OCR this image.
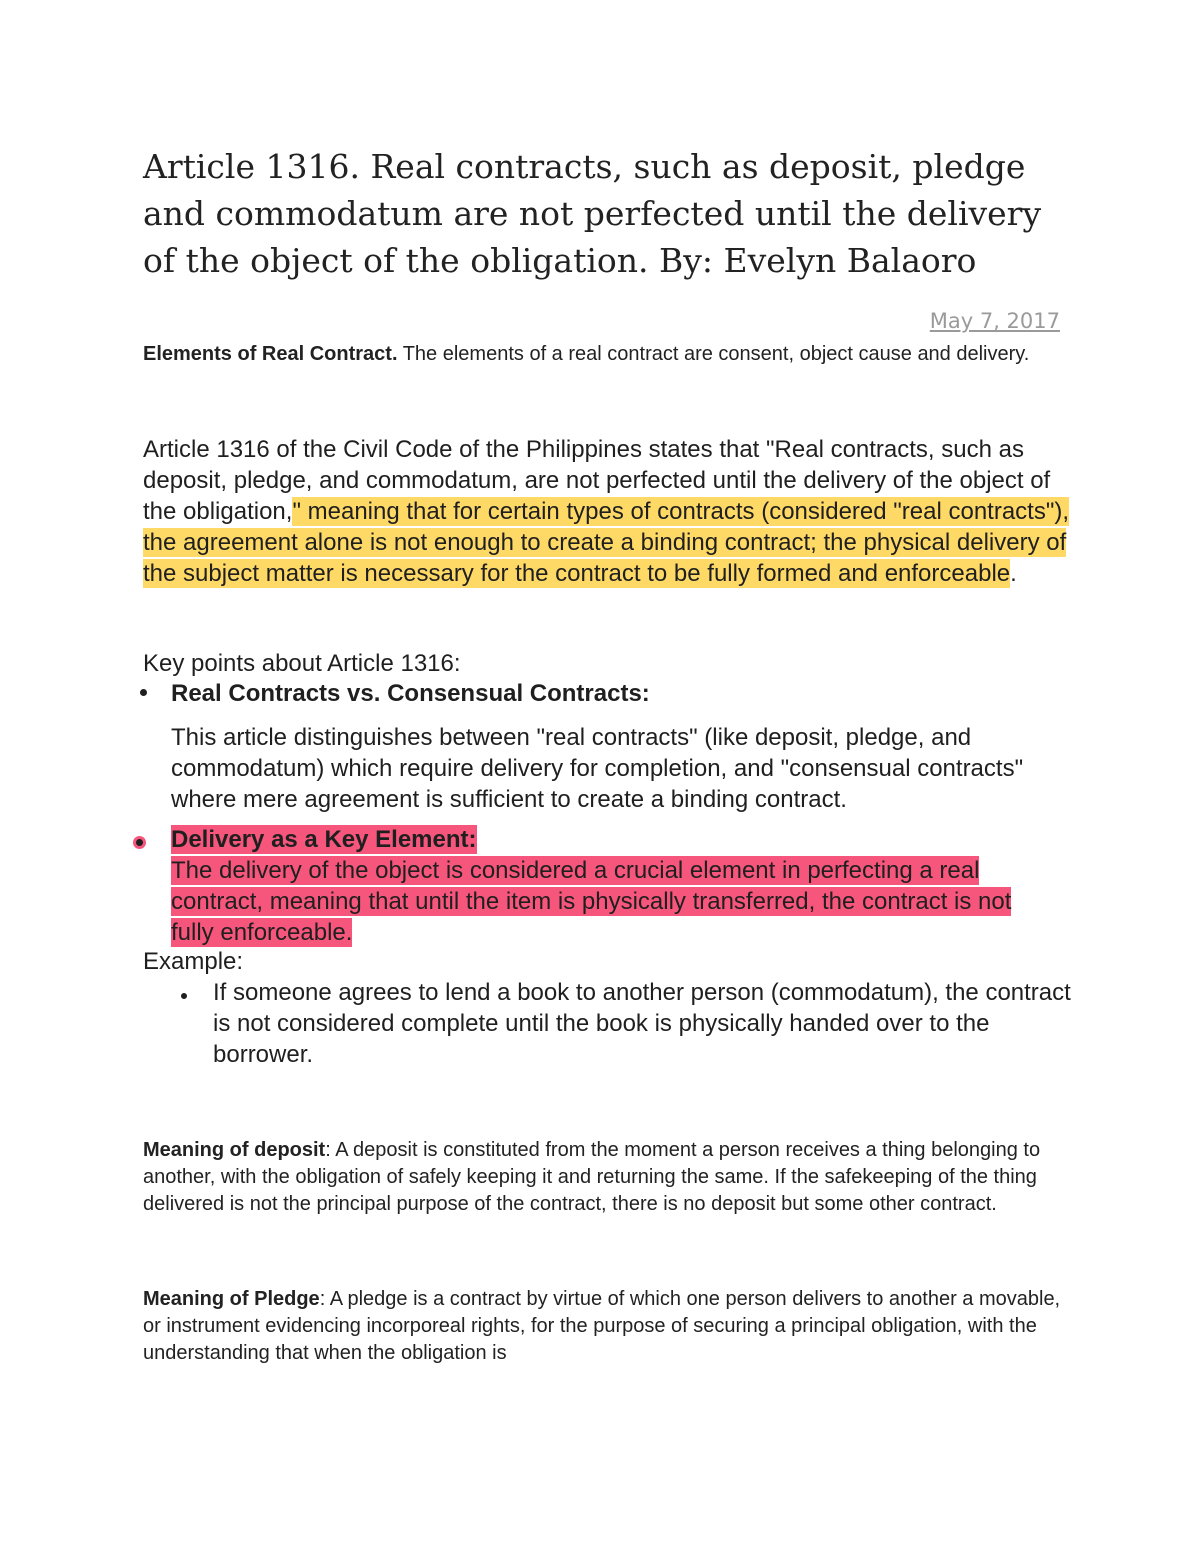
Article 1316. Real contracts, such as deposit, pledge and commodatum are not perfected until the delivery of the object of the obligation. By: Evelyn Balaoro
May 7, 2017

Elements of Real Contract. The elements of a real contract are consent, object cause and delivery.

Article 1316 of the Civil Code of the Philippines states that "Real contracts, such as deposit, pledge, and commodatum, are not perfected until the delivery of the object of the obligation," meaning that for certain types of contracts (considered "real contracts"), the agreement alone is not enough to create a binding contract; the physical delivery of the subject matter is necessary for the contract to be fully formed and enforceable.

Key points about Article 1316:

Real Contracts vs. Consensual Contracts:

This article distinguishes between "real contracts" (like deposit, pledge, and commodatum) which require delivery for completion, and "consensual contracts" where mere agreement is sufficient to create a binding contract.

Delivery as a Key Element:

The delivery of the object is considered a crucial element in perfecting a real contract, meaning that until the item is physically transferred, the contract is not fully enforceable.

Example:

If someone agrees to lend a book to another person (commodatum), the contract is not considered complete until the book is physically handed over to the borrower.

Meaning of deposit: A deposit is constituted from the moment a person receives a thing belonging to another, with the obligation of safely keeping it and returning the same. If the safekeeping of the thing delivered is not the principal purpose of the contract, there is no deposit but some other contract.

Meaning of Pledge: A pledge is a contract by virtue of which one person delivers to another a movable, or instrument evidencing incorporeal rights, for the purpose of securing a principal obligation, with the understanding that when the obligation is
